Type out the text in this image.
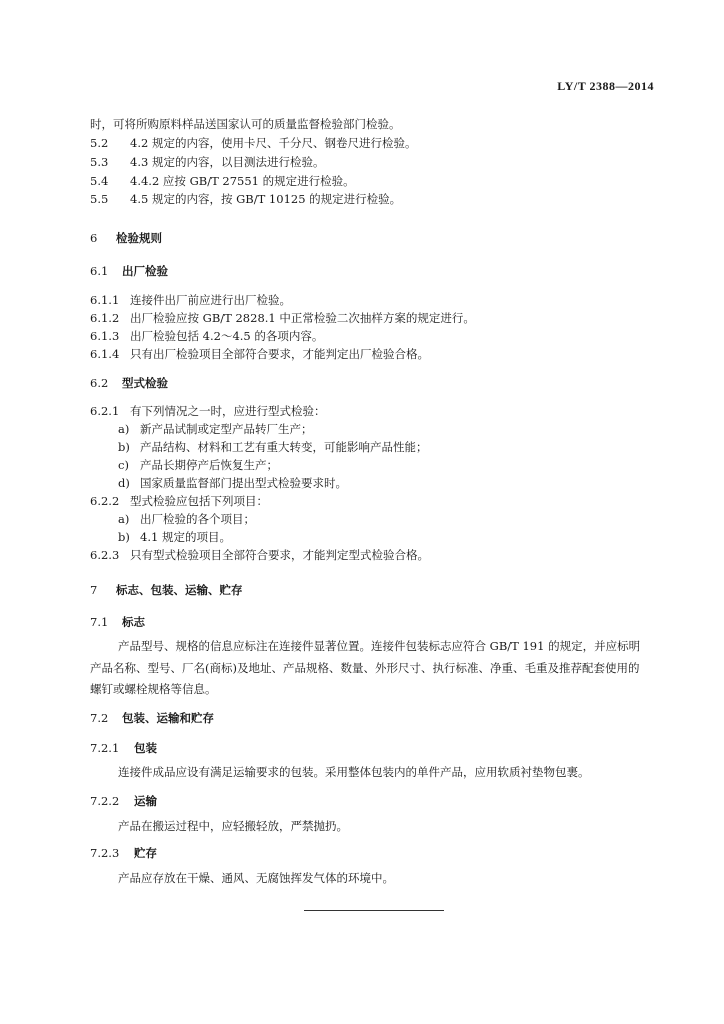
LY/T 2388—2014
时，可将所购原料样品送国家认可的质量监督检验部门检验。
5.2 4.2 规定的内容，使用卡尺、千分尺、钢卷尺进行检验。
5.3 4.3 规定的内容，以目测法进行检验。
5.4 4.4.2 应按 GB/T 27551 的规定进行检验。
5.5 4.5 规定的内容，按 GB/T 10125 的规定进行检验。
6 检验规则
6.1 出厂检验
6.1.1 连接件出厂前应进行出厂检验。
6.1.2 出厂检验应按 GB/T 2828.1 中正常检验二次抽样方案的规定进行。
6.1.3 出厂检验包括 4.2～4.5 的各项内容。
6.1.4 只有出厂检验项目全部符合要求，才能判定出厂检验合格。
6.2 型式检验
6.2.1 有下列情况之一时，应进行型式检验：
a) 新产品试制或定型产品转厂生产；
b) 产品结构、材料和工艺有重大转变，可能影响产品性能；
c) 产品长期停产后恢复生产；
d) 国家质量监督部门提出型式检验要求时。
6.2.2 型式检验应包括下列项目：
a) 出厂检验的各个项目；
b) 4.1 规定的项目。
6.2.3 只有型式检验项目全部符合要求，才能判定型式检验合格。
7 标志、包装、运输、贮存
7.1 标志
产品型号、规格的信息应标注在连接件显著位置。连接件包装标志应符合 GB/T 191 的规定，并应标明产品名称、型号、厂名(商标)及地址、产品规格、数量、外形尺寸、执行标准、净重、毛重及推荐配套使用的螺钉或螺栓规格等信息。
7.2 包装、运输和贮存
7.2.1 包装
连接件成品应设有满足运输要求的包装。采用整体包装内的单件产品，应用软质衬垫物包裹。
7.2.2 运输
产品在搬运过程中，应轻搬轻放，严禁抛扔。
7.2.3 贮存
产品应存放在干燥、通风、无腐蚀挥发气体的环境中。
